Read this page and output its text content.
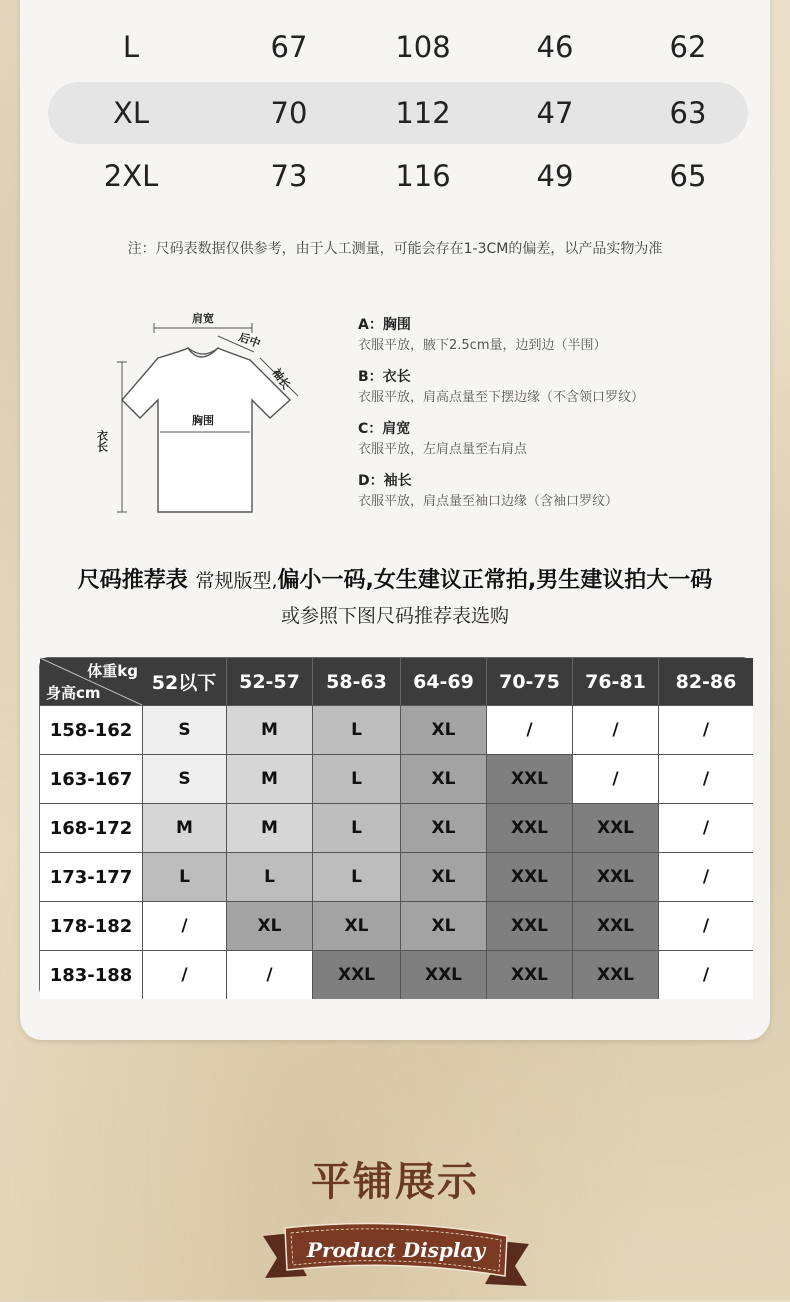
L	67	108	46	62
XL	70	112	47	63
2XL	73	116	49	65
注：尺码表数据仅供参考，由于人工测量，可能会存在1-3CM的偏差，以产品实物为准
肩宽
后中
袖长
胸围
衣长
A：胸围
衣服平放，腋下2.5cm量，边到边（半围）
B：衣长
衣服平放，肩高点量至下摆边缘（不含领口罗纹）
C：肩宽
衣服平放，左肩点量至右肩点
D：袖长
衣服平放，肩点量至袖口边缘（含袖口罗纹）
尺码推荐表 常规版型,偏小一码,女生建议正常拍,男生建议拍大一码
或参照下图尺码推荐表选购
体重kg
身高cm	52以下	52-57	58-63	64-69	70-75	76-81	82-86
158-162	S	M	L	XL	/	/	/
163-167	S	M	L	XL	XXL	/	/
168-172	M	M	L	XL	XXL	XXL	/
173-177	L	L	L	XL	XXL	XXL	/
178-182	/	XL	XL	XL	XXL	XXL	/
183-188	/	/	XXL	XXL	XXL	XXL	/
平铺展示
Product Display
